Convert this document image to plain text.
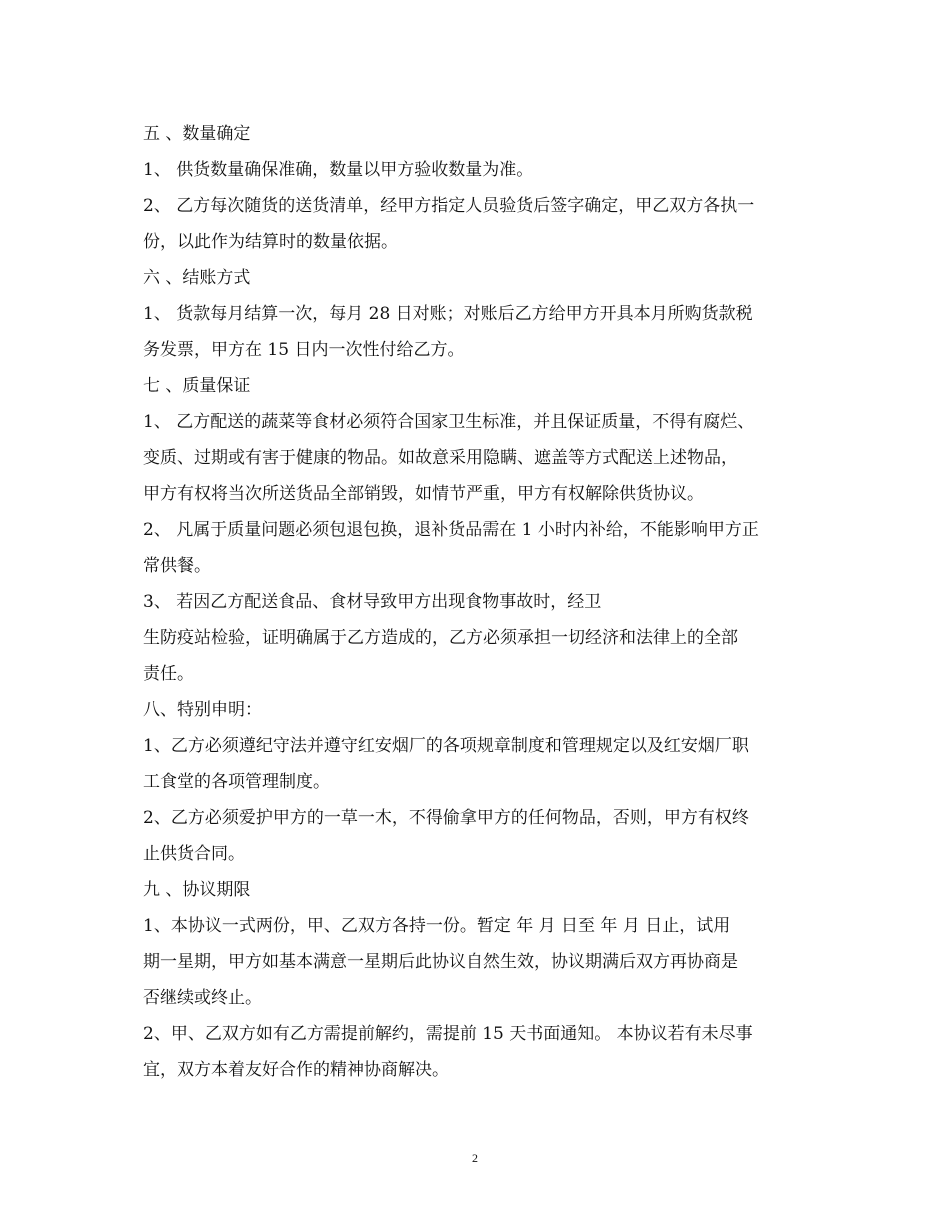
五 、数量确定
1、 供货数量确保准确，数量以甲方验收数量为准。
2、 乙方每次随货的送货清单，经甲方指定人员验货后签字确定，甲乙双方各执一
份，以此作为结算时的数量依据。
六 、结账方式
1、 货款每月结算一次，每月 28 日对账；对账后乙方给甲方开具本月所购货款税
务发票，甲方在 15 日内一次性付给乙方。
七 、质量保证
1、 乙方配送的蔬菜等食材必须符合国家卫生标准，并且保证质量，不得有腐烂、
变质、过期或有害于健康的物品。如故意采用隐瞒、遮盖等方式配送上述物品，
甲方有权将当次所送货品全部销毁，如情节严重，甲方有权解除供货协议。
2、 凡属于质量问题必须包退包换，退补货品需在 1 小时内补给，不能影响甲方正
常供餐。
3、 若因乙方配送食品、食材导致甲方出现食物事故时，经卫
生防疫站检验，证明确属于乙方造成的，乙方必须承担一切经济和法律上的全部
责任。
八、特别申明：
1、乙方必须遵纪守法并遵守红安烟厂的各项规章制度和管理规定以及红安烟厂职
工食堂的各项管理制度。
2、乙方必须爱护甲方的一草一木，不得偷拿甲方的任何物品，否则，甲方有权终
止供货合同。
九 、协议期限
1、本协议一式两份，甲、乙双方各持一份。暂定 年 月 日至 年 月 日止，试用
期一星期，甲方如基本满意一星期后此协议自然生效，协议期满后双方再协商是
否继续或终止。
2、甲、乙双方如有乙方需提前解约，需提前 15 天书面通知。 本协议若有未尽事
宜，双方本着友好合作的精神协商解决。
2
